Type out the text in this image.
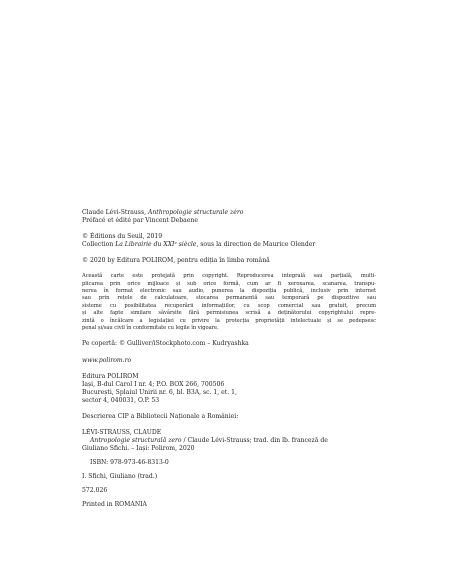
Claude Lévi-Strauss, Anthropologie structurale zéro
Préfacé et édité par Vincent Debaene
© Éditions du Seuil, 2019
Collection La Librairie du XXIe siècle, sous la direction de Maurice Olender
© 2020 by Editura POLIROM, pentru ediția în limba română
Această carte este protejată prin copyright. Reproducerea integrală sau parțială, multi-
plicarea prin orice mijloace și sub orice formă, cum ar fi xeroxarea, scanarea, transpu-
nerea în format electronic sau audio, punerea la dispoziția publică, inclusiv prin internet
sau prin rețele de calculatoare, stocarea permanentă sau temporară pe dispozitive sau
sisteme cu posibilitatea recuperării informațiilor, cu scop comercial sau gratuit, precum
și alte fapte similare săvârșite fără permisiunea scrisă a deținătorului copyrightului repre-
zintă o încălcare a legislației cu privire la protecția proprietății intelectuale și se pedepsesc
penal și/sau civil în conformitate cu legile în vigoare.
Pe copertă: © Gulliver/iStockphoto.com – Kudryashka
www.polirom.ro
Editura POLIROM
Iași, B-dul Carol I nr. 4; P.O. BOX 266, 700506
București, Splaiul Unirii nr. 6, bl. B3A, sc. 1, et. 1,
sector 4, 040031, O.P. 53
Descrierea CIP a Bibliotecii Naționale a României:
LÉVI-STRAUSS, CLAUDE
Antropologie structurală zero / Claude Lévi-Strauss; trad. din lb. franceză de
Giuliano Sfichi. – Iași: Polirom, 2020
ISBN: 978-973-46-8313-0
I. Sfichi, Giuliano (trad.)
572.026
Printed in ROMANIA
